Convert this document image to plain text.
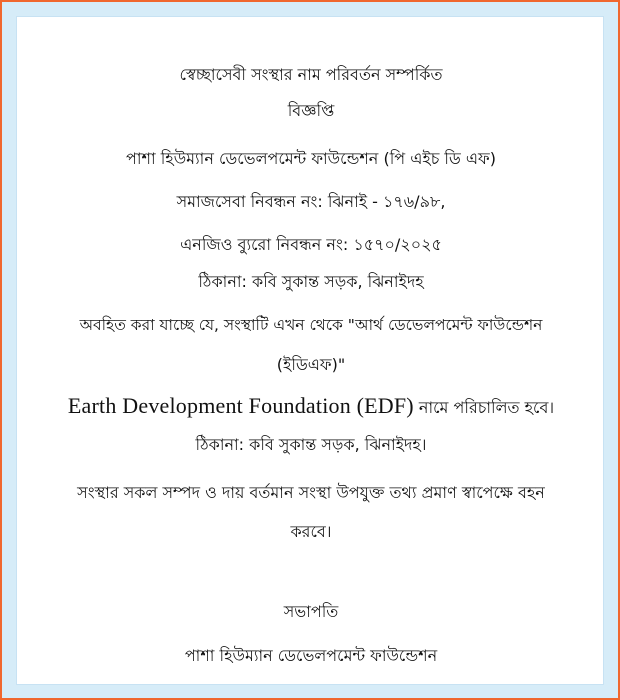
স্বেচ্ছাসেবী সংস্থার নাম পরিবর্তন সম্পর্কিত
বিজ্ঞপ্তি
পাশা হিউম্যান ডেভেলপমেন্ট ফাউন্ডেশন (পি এইচ ডি এফ)
সমাজসেবা নিবন্ধন নং: ঝিনাই - ১৭৬/৯৮,
এনজিও ব্যুরো নিবন্ধন নং: ১৫৭০/২০২৫
ঠিকানা: কবি সুকান্ত সড়ক, ঝিনাইদহ
অবহিত করা যাচ্ছে যে, সংস্থাটি এখন থেকে "আর্থ ডেভেলপমেন্ট ফাউন্ডেশন
(ইডিএফ)"
Earth Development Foundation (EDF) নামে পরিচালিত হবে।
ঠিকানা: কবি সুকান্ত সড়ক, ঝিনাইদহ।
সংস্থার সকল সম্পদ ও দায় বর্তমান সংস্থা উপযুক্ত তথ্য প্রমাণ স্বাপেক্ষে বহন
করবে।
সভাপতি
পাশা হিউম্যান ডেভেলপমেন্ট ফাউন্ডেশন
